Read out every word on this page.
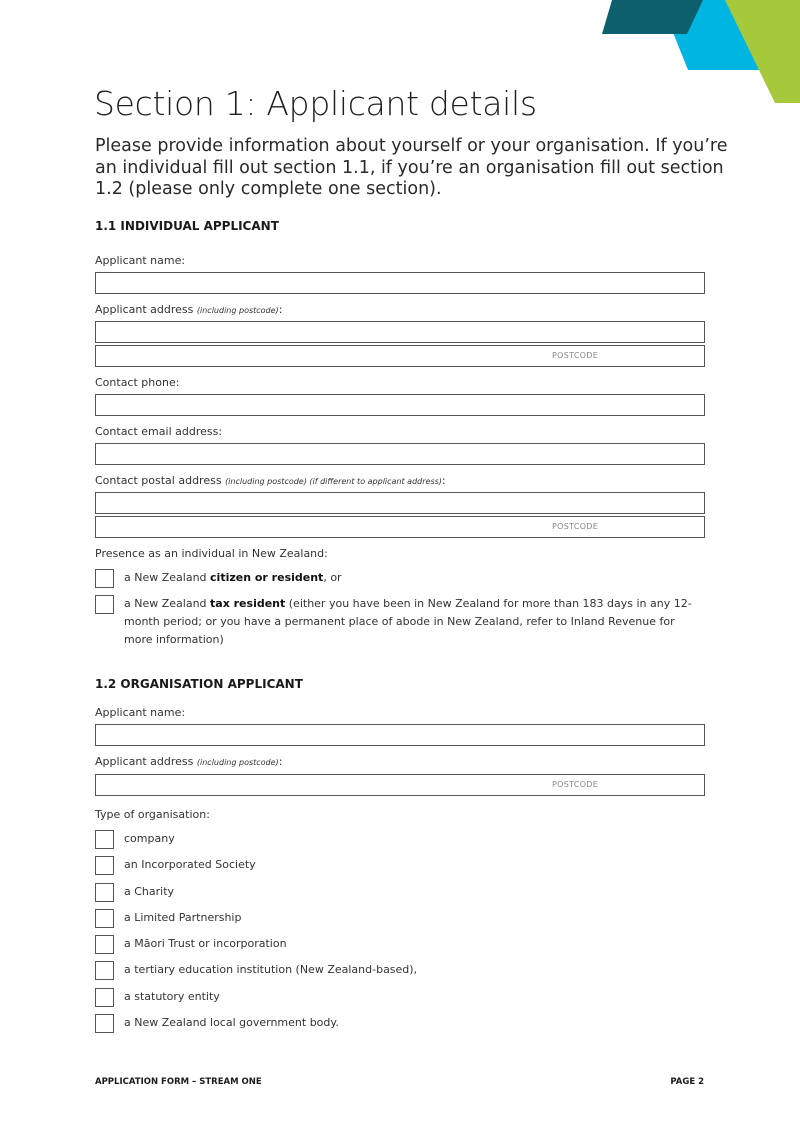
Section 1: Applicant details
Please provide information about yourself or your organisation. If you’re an individual fill out section 1.1, if you’re an organisation fill out section 1.2 (please only complete one section).
1.1 INDIVIDUAL APPLICANT
Applicant name:
Applicant address (including postcode):
POSTCODE
Contact phone:
Contact email address:
Contact postal address (including postcode) (if different to applicant address):
POSTCODE
Presence as an individual in New Zealand:
a New Zealand citizen or resident, or
a New Zealand tax resident (either you have been in New Zealand for more than 183 days in any 12-month period; or you have a permanent place of abode in New Zealand, refer to Inland Revenue for more information)
1.2 ORGANISATION APPLICANT
Applicant name:
Applicant address (including postcode):
POSTCODE
Type of organisation:
company
an Incorporated Society
a Charity
a Limited Partnership
a Māori Trust or incorporation
a tertiary education institution (New Zealand-based),
a statutory entity
a New Zealand local government body.
APPLICATION FORM – STREAM ONE	PAGE 2
